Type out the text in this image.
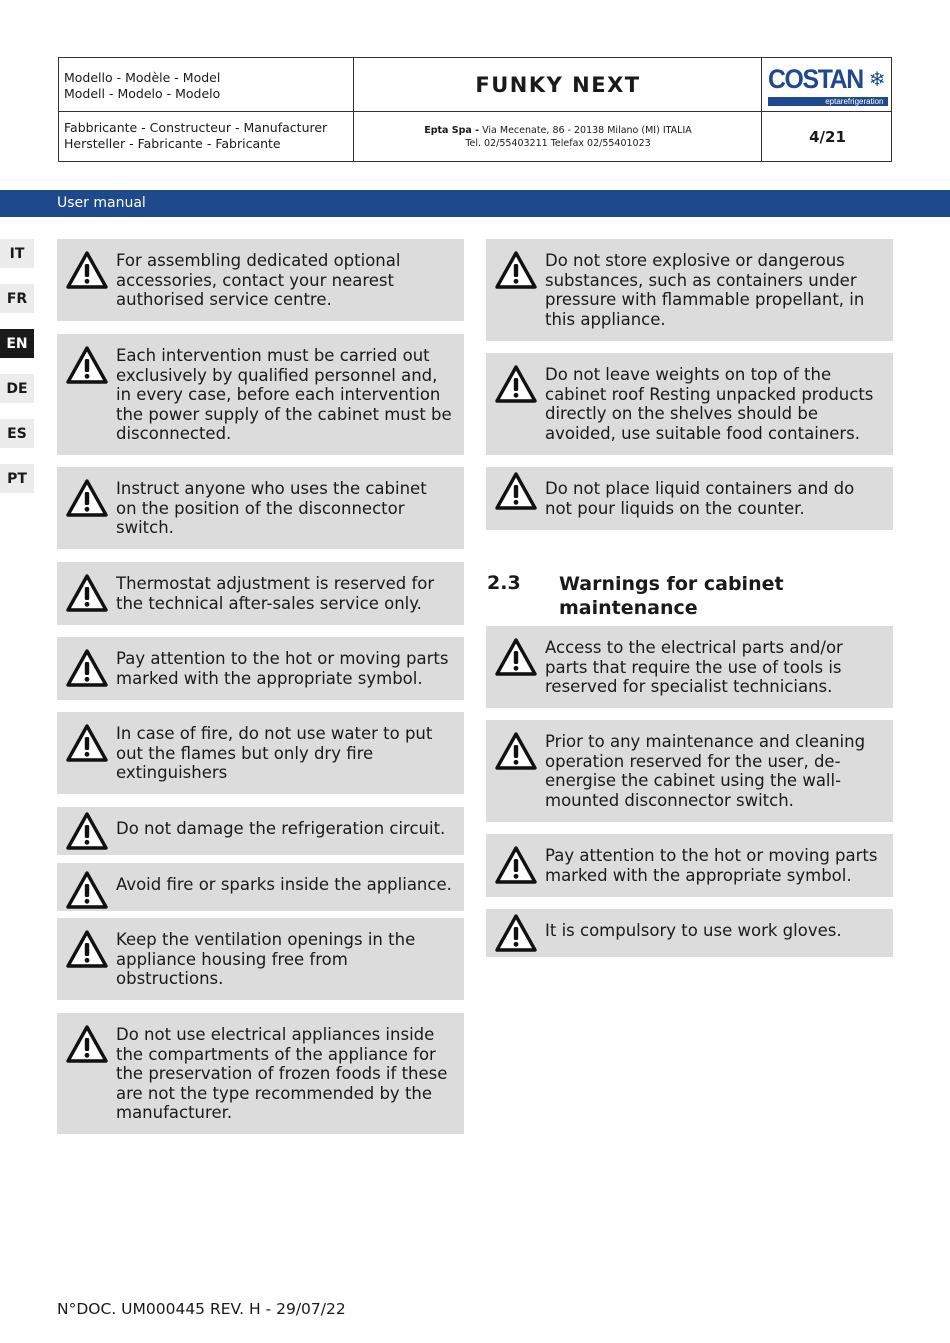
Modello - Modèle - Model
Modell - Modelo - Modelo	FUNKY NEXT	COSTAN ❄
eptarefrigeration
Fabbricante - Constructeur - Manufacturer
Hersteller - Fabricante - Fabricante
Epta Spa - Via Mecenate, 86 - 20138 Milano (MI) ITALIA
Tel. 02/55403211 Telefax 02/55401023	4/21
User manual
IT
FR
EN
DE
ES
PT
For assembling dedicated optional
accessories, contact your nearest
authorised service centre.
Each intervention must be carried out
exclusively by qualified personnel and,
in every case, before each intervention
the power supply of the cabinet must be
disconnected.
Instruct anyone who uses the cabinet
on the position of the disconnector
switch.
Thermostat adjustment is reserved for
the technical after-sales service only.
Pay attention to the hot or moving parts
marked with the appropriate symbol.
In case of fire, do not use water to put
out the flames but only dry fire
extinguishers
Do not damage the refrigeration circuit.
Avoid fire or sparks inside the appliance.
Keep the ventilation openings in the
appliance housing free from
obstructions.
Do not use electrical appliances inside
the compartments of the appliance for
the preservation of frozen foods if these
are not the type recommended by the
manufacturer.
Do not store explosive or dangerous
substances, such as containers under
pressure with flammable propellant, in
this appliance.
Do not leave weights on top of the
cabinet roof Resting unpacked products
directly on the shelves should be
avoided, use suitable food containers.
Do not place liquid containers and do
not pour liquids on the counter.
2.3 Warnings for cabinet
maintenance
Access to the electrical parts and/or
parts that require the use of tools is
reserved for specialist technicians.
Prior to any maintenance and cleaning
operation reserved for the user, de-
energise the cabinet using the wall-
mounted disconnector switch.
Pay attention to the hot or moving parts
marked with the appropriate symbol.
It is compulsory to use work gloves.
N°DOC. UM000445 REV. H - 29/07/22
